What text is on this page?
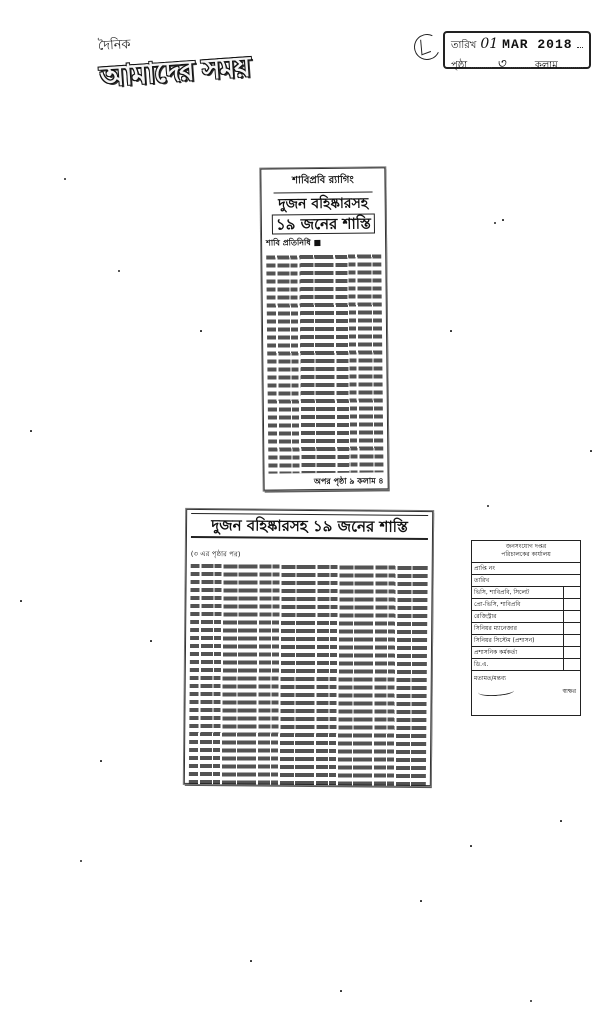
দৈনিক
আমাদের সময়
তারিখ 01 MAR 2018
পৃষ্ঠা ৩	কলাম
শাবিপ্রবি র‍্যাগিং
দুজন বহিষ্কারসহ
১৯ জনের শাস্তি
শাবি প্রতিনিধি ■
অপর পৃষ্ঠা ৯ কলাম ৪
দুজন বহিষ্কারসহ ১৯ জনের শাস্তি
(৩ এর পৃষ্ঠার পর)
জনসংযোগ দপ্তর
পরিচালকের কার্যালয়
প্রাপ্তি নং
তারিখ
ভিসি, শাবিপ্রবি, সিলেট
প্রো-ভিসি, শাবিপ্রবি
রেজিস্ট্রার
সিনিয়র ম্যানেজার
সিনিয়র সিস্টেম (প্রশাসন)
প্রশাসনিক কর্মকর্তা
ডি.এ.
মতামত/মন্তব্য
স্বাক্ষর
